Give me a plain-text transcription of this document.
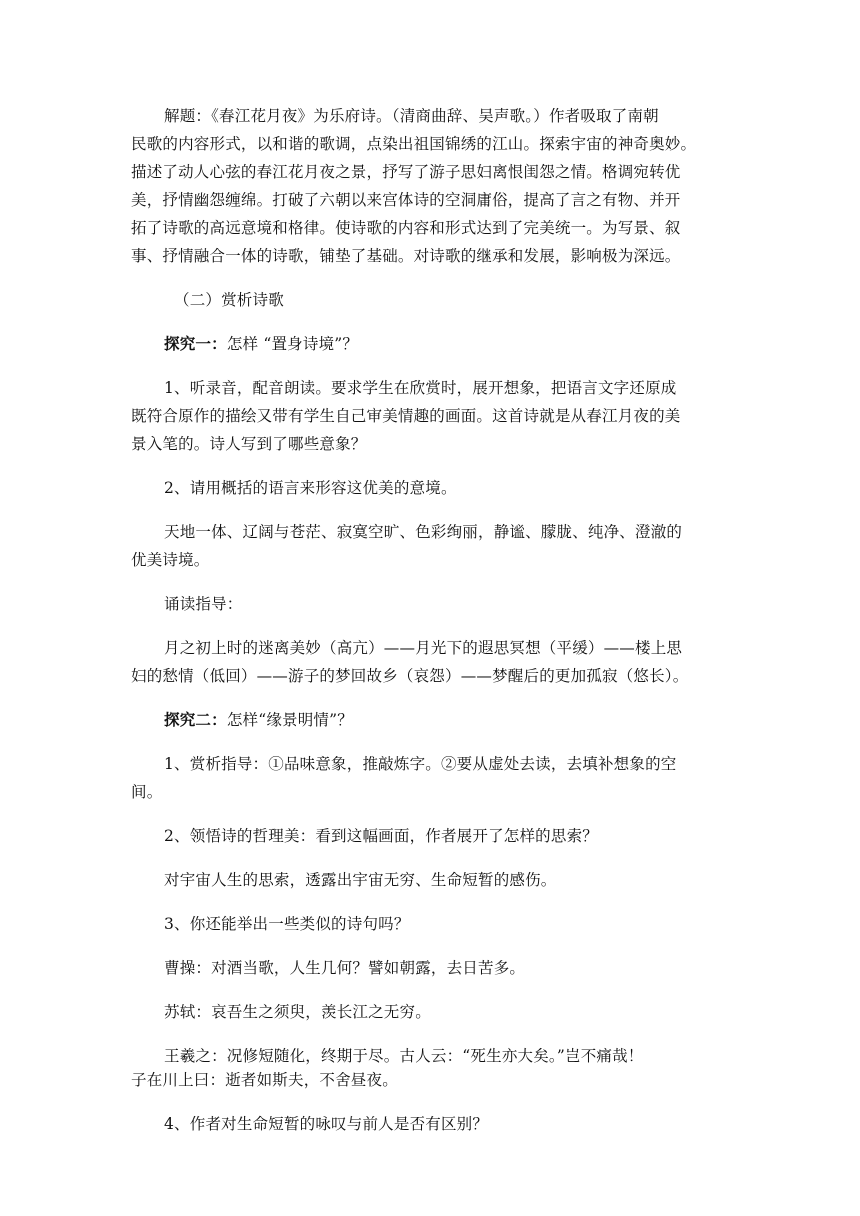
解题：《春江花月夜》为乐府诗。（清商曲辞、吴声歌。）作者吸取了南朝
民歌的内容形式，以和谐的歌调，点染出祖国锦绣的江山。探索宇宙的神奇奥妙。
描述了动人心弦的春江花月夜之景，抒写了游子思妇离恨闺怨之情。格调宛转优
美，抒情幽怨缠绵。打破了六朝以来宫体诗的空洞庸俗，提高了言之有物、并开
拓了诗歌的高远意境和格律。使诗歌的内容和形式达到了完美统一。为写景、叙
事、抒情融合一体的诗歌，铺垫了基础。对诗歌的继承和发展，影响极为深远。
（二）赏析诗歌
探究一：怎样 “置身诗境”？
1、听录音，配音朗读。要求学生在欣赏时，展开想象，把语言文字还原成
既符合原作的描绘又带有学生自己审美情趣的画面。这首诗就是从春江月夜的美
景入笔的。诗人写到了哪些意象？
2、请用概括的语言来形容这优美的意境。
天地一体、辽阔与苍茫、寂寞空旷、色彩绚丽，静谧、朦胧、纯净、澄澈的
优美诗境。
诵读指导：
月之初上时的迷离美妙（高亢）——月光下的遐思冥想（平缓）——楼上思
妇的愁情（低回）——游子的梦回故乡（哀怨）——梦醒后的更加孤寂（悠长）。
探究二：怎样“缘景明情”？
1、赏析指导：①品味意象，推敲炼字。②要从虚处去读，去填补想象的空
间。
2、领悟诗的哲理美：看到这幅画面，作者展开了怎样的思索？
对宇宙人生的思索，透露出宇宙无穷、生命短暂的感伤。
3、你还能举出一些类似的诗句吗？
曹操：对酒当歌，人生几何？譬如朝露，去日苦多。
苏轼：哀吾生之须臾，羡长江之无穷。
王羲之：况修短随化，终期于尽。古人云：“死生亦大矣。”岂不痛哉！
子在川上曰：逝者如斯夫，不舍昼夜。
4、作者对生命短暂的咏叹与前人是否有区别？
